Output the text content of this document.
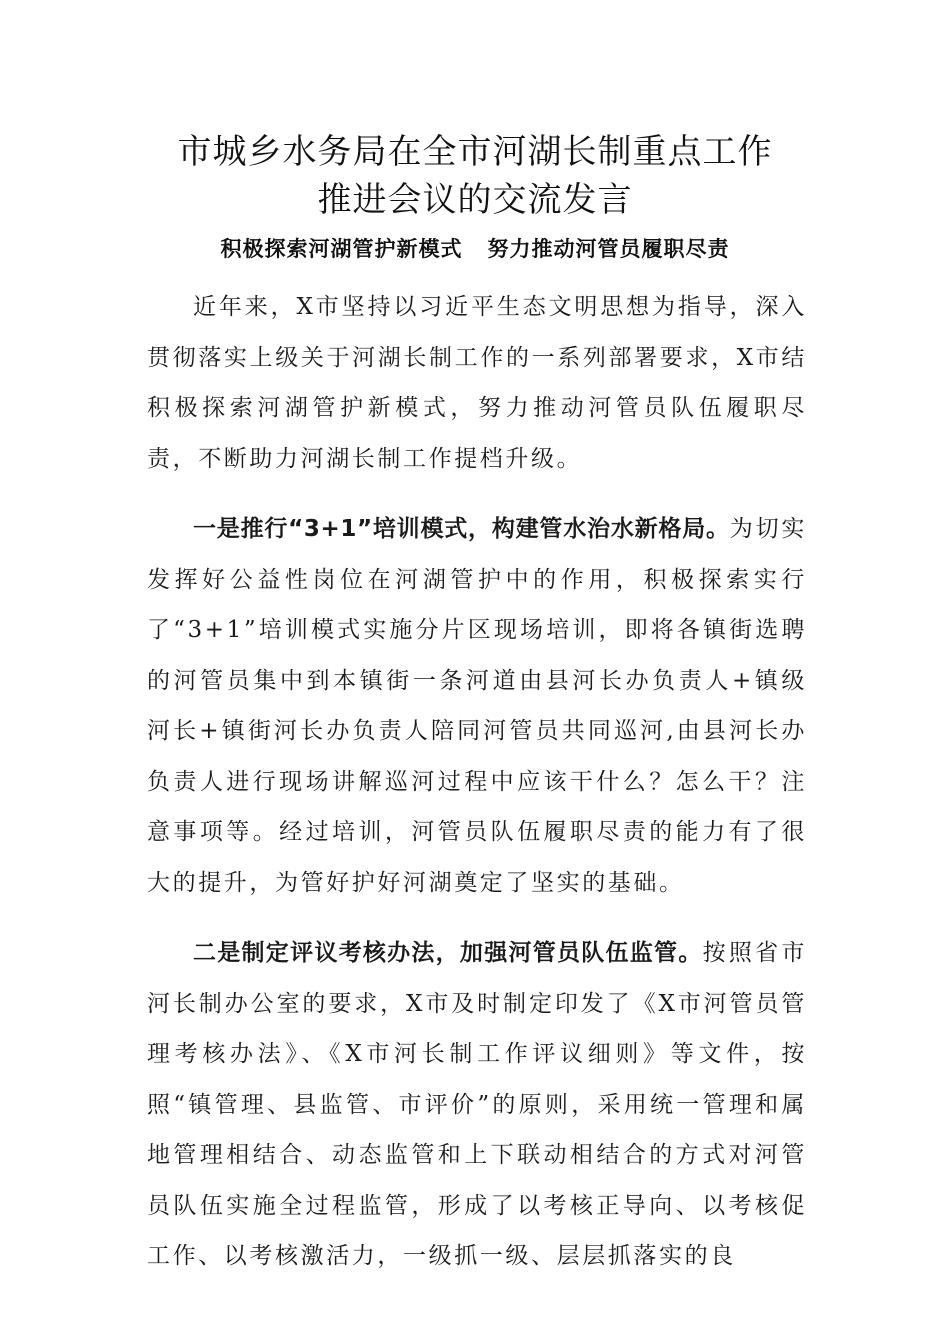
市城乡水务局在全市河湖长制重点工作
推进会议的交流发言
积极探索河湖管护新模式   努力推动河管员履职尽责

近年来，X市坚持以习近平生态文明思想为指导，深入贯彻落实上级关于河湖长制工作的一系列部署要求，X市结积极探索河湖管护新模式，努力推动河管员队伍履职尽责，不断助力河湖长制工作提档升级。

一是推行“3+1”培训模式，构建管水治水新格局。为切实发挥好公益性岗位在河湖管护中的作用，积极探索实行了“3+1”培训模式实施分片区现场培训，即将各镇街选聘的河管员集中到本镇街一条河道由县河长办负责人+镇级河长+镇街河长办负责人陪同河管员共同巡河,由县河长办负责人进行现场讲解巡河过程中应该干什么？怎么干？注意事项等。经过培训，河管员队伍履职尽责的能力有了很大的提升，为管好护好河湖奠定了坚实的基础。

二是制定评议考核办法，加强河管员队伍监管。按照省市河长制办公室的要求，X市及时制定印发了《X市河管员管理考核办法》、《X市河长制工作评议细则》等文件，按照“镇管理、县监管、市评价”的原则，采用统一管理和属地管理相结合、动态监管和上下联动相结合的方式对河管员队伍实施全过程监管，形成了以考核正导向、以考核促工作、以考核激活力，一级抓一级、层层抓落实的良
